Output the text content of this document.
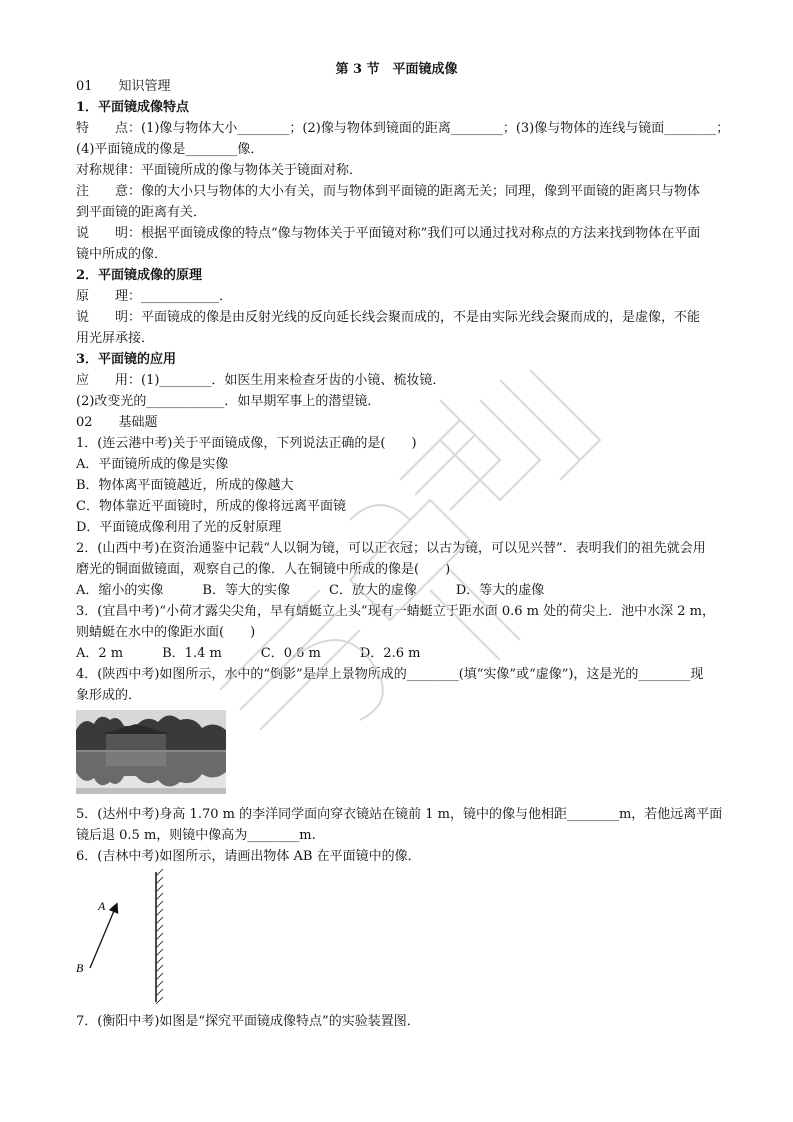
第 3 节　平面镜成像
01　　知识管理
1．平面镜成像特点
特　　点：(1)像与物体大小________；(2)像与物体到镜面的距离________；(3)像与物体的连线与镜面________；
(4)平面镜成的像是________像．
对称规律：平面镜所成的像与物体关于镜面对称．
注　　意：像的大小只与物体的大小有关，而与物体到平面镜的距离无关；同理，像到平面镜的距离只与物体
到平面镜的距离有关．
说　　明：根据平面镜成像的特点“像与物体关于平面镜对称”我们可以通过找对称点的方法来找到物体在平面
镜中所成的像．
2．平面镜成像的原理
原　　理：____________．
说　　明：平面镜成的像是由反射光线的反向延长线会聚而成的，不是由实际光线会聚而成的，是虚像，不能
用光屏承接．
3．平面镜的应用
应　　用：(1)________．如医生用来检查牙齿的小镜、梳妆镜．
(2)改变光的____________．如早期军事上的潜望镜．
02　　基础题
1．(连云港中考)关于平面镜成像，下列说法正确的是(　　)
A．平面镜所成的像是实像
B．物体离平面镜越近，所成的像越大
C．物体靠近平面镜时，所成的像将远离平面镜
D．平面镜成像利用了光的反射原理
2．(山西中考)在资治通鉴中记载“人以铜为镜，可以正衣冠；以古为镜，可以见兴替”．表明我们的祖先就会用
磨光的铜面做镜面，观察自己的像．人在铜镜中所成的像是(　　)
A．缩小的实像　　　B．等大的实像　　　C．放大的虚像　　　D．等大的虚像
3．(宜昌中考)“小荷才露尖尖角，早有蜻蜓立上头”现有一蜻蜓立于距水面 0.6 m 处的荷尖上．池中水深 2 m，
则蜻蜓在水中的像距水面(　　)
A．2 m　　　B．1.4 m　　　C．0.6 m　　　D．2.6 m
4．(陕西中考)如图所示，水中的“倒影”是岸上景物所成的________(填“实像”或“虚像”)，这是光的________现
象形成的．
5．(达州中考)身高 1.70 m 的李洋同学面向穿衣镜站在镜前 1 m，镜中的像与他相距________m，若他远离平面
镜后退 0.5 m，则镜中像高为________m.
6．(吉林中考)如图所示，请画出物体 AB 在平面镜中的像．
A
B
7．(衡阳中考)如图是“探究平面镜成像特点”的实验装置图．
